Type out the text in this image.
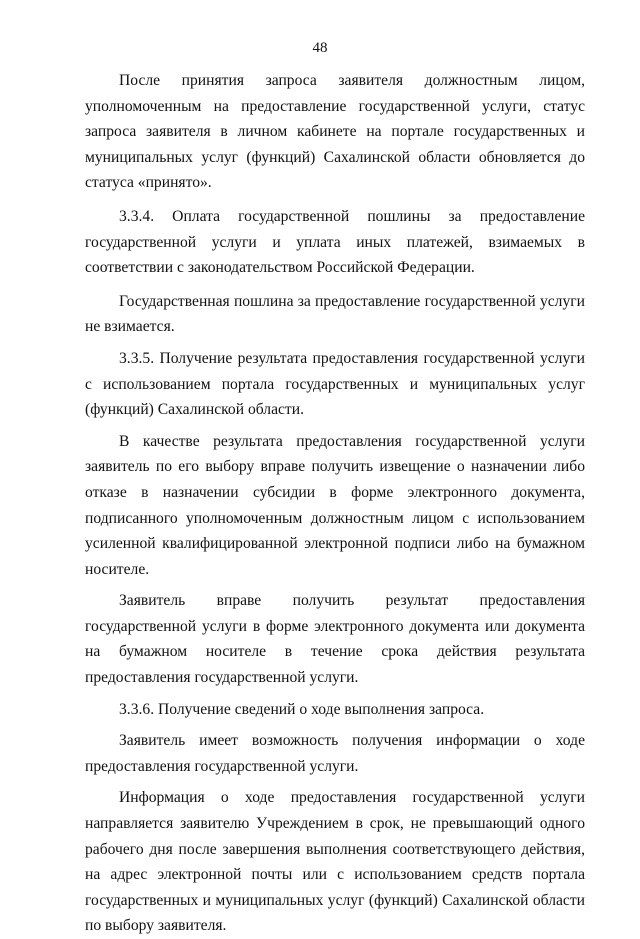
48

После принятия запроса заявителя должностным лицом, уполномоченным на предоставление государственной услуги, статус запроса заявителя в личном кабинете на портале государственных и муниципальных услуг (функций) Сахалинской области обновляется до статуса «принято».

3.3.4. Оплата государственной пошлины за предоставление государственной услуги и уплата иных платежей, взимаемых в соответствии с законодательством Российской Федерации.

Государственная пошлина за предоставление государственной услуги не взимается.

3.3.5. Получение результата предоставления государственной услуги с использованием портала государственных и муниципальных услуг (функций) Сахалинской области.

В качестве результата предоставления государственной услуги заявитель по его выбору вправе получить извещение о назначении либо отказе в назначении субсидии в форме электронного документа, подписанного уполномоченным должностным лицом с использованием усиленной квалифицированной электронной подписи либо на бумажном носителе.

Заявитель вправе получить результат предоставления государственной услуги в форме электронного документа или документа на бумажном носителе в течение срока действия результата предоставления государственной услуги.

3.3.6. Получение сведений о ходе выполнения запроса.

Заявитель имеет возможность получения информации о ходе предоставления государственной услуги.

Информация о ходе предоставления государственной услуги направляется заявителю Учреждением в срок, не превышающий одного рабочего дня после завершения выполнения соответствующего действия, на адрес электронной почты или с использованием средств портала государственных и муниципальных услуг (функций) Сахалинской области по выбору заявителя.
